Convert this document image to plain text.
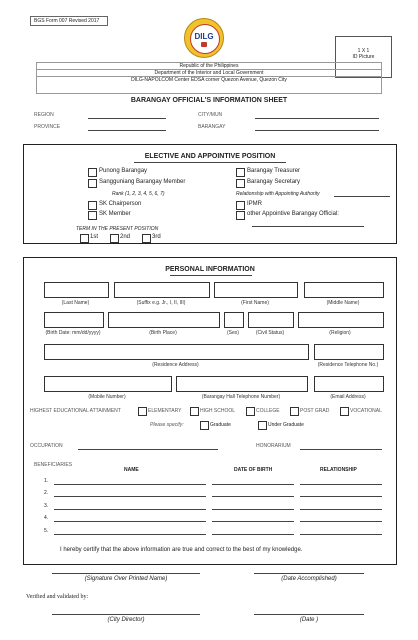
BGS Form 007 Revised 2017
DILG
1 X 1
ID Picture
Republic of the Philippines
Department of the Interior and Local Government
DILG-NAPOLCOM Center EDSA corner Quezon Avenue, Quezon City
BARANGAY OFFICIAL'S INFORMATION SHEET
REGION	CITY/MUN
PROVINCE	BARANGAY
ELECTIVE AND APPOINTIVE POSITION
Punong Barangay
Sangguniang Barangay Member
Rank (1, 2, 3, 4, 5, 6, 7)
SK Chairperson
SK Member
Barangay Treasurer
Barangay Secretary
Relationship with Appointing Authority
IPMR
other Appointive Barangay Official:
TERM IN THE PRESENT POSITION
1st	2nd	3rd
PERSONAL INFORMATION
(Last Name)	(Suffix e.g. Jr., I, II, III)	(First Name)	(Middle Name)
(Birth Date: mm/dd/yyyy)	(Birth Place)	(Sex)	(Civil Status)	(Religion)
(Residence Address)	(Residence Telephone No.)
(Mobile Number)	(Barangay Hall Telephone Number)	(Email Address)
HIGHEST EDUCATIONAL ATTAINMENT	ELEMENTARY	HIGH SCHOOL	COLLEGE	POST GRAD	VOCATIONAL
Please specify:	Graduate	Under Graduate
OCCUPATION	HONORARIUM
BENEFICIARIES
NAME	DATE OF BIRTH	RELATIONSHIP
1.
2.
3.
4.
5.
I hereby certify that the above information are true and correct to the best of my knowledge.
(Signature Over Printed Name)	(Date Accomplished)
Verified and validated by:
(City Director)	(Date )
